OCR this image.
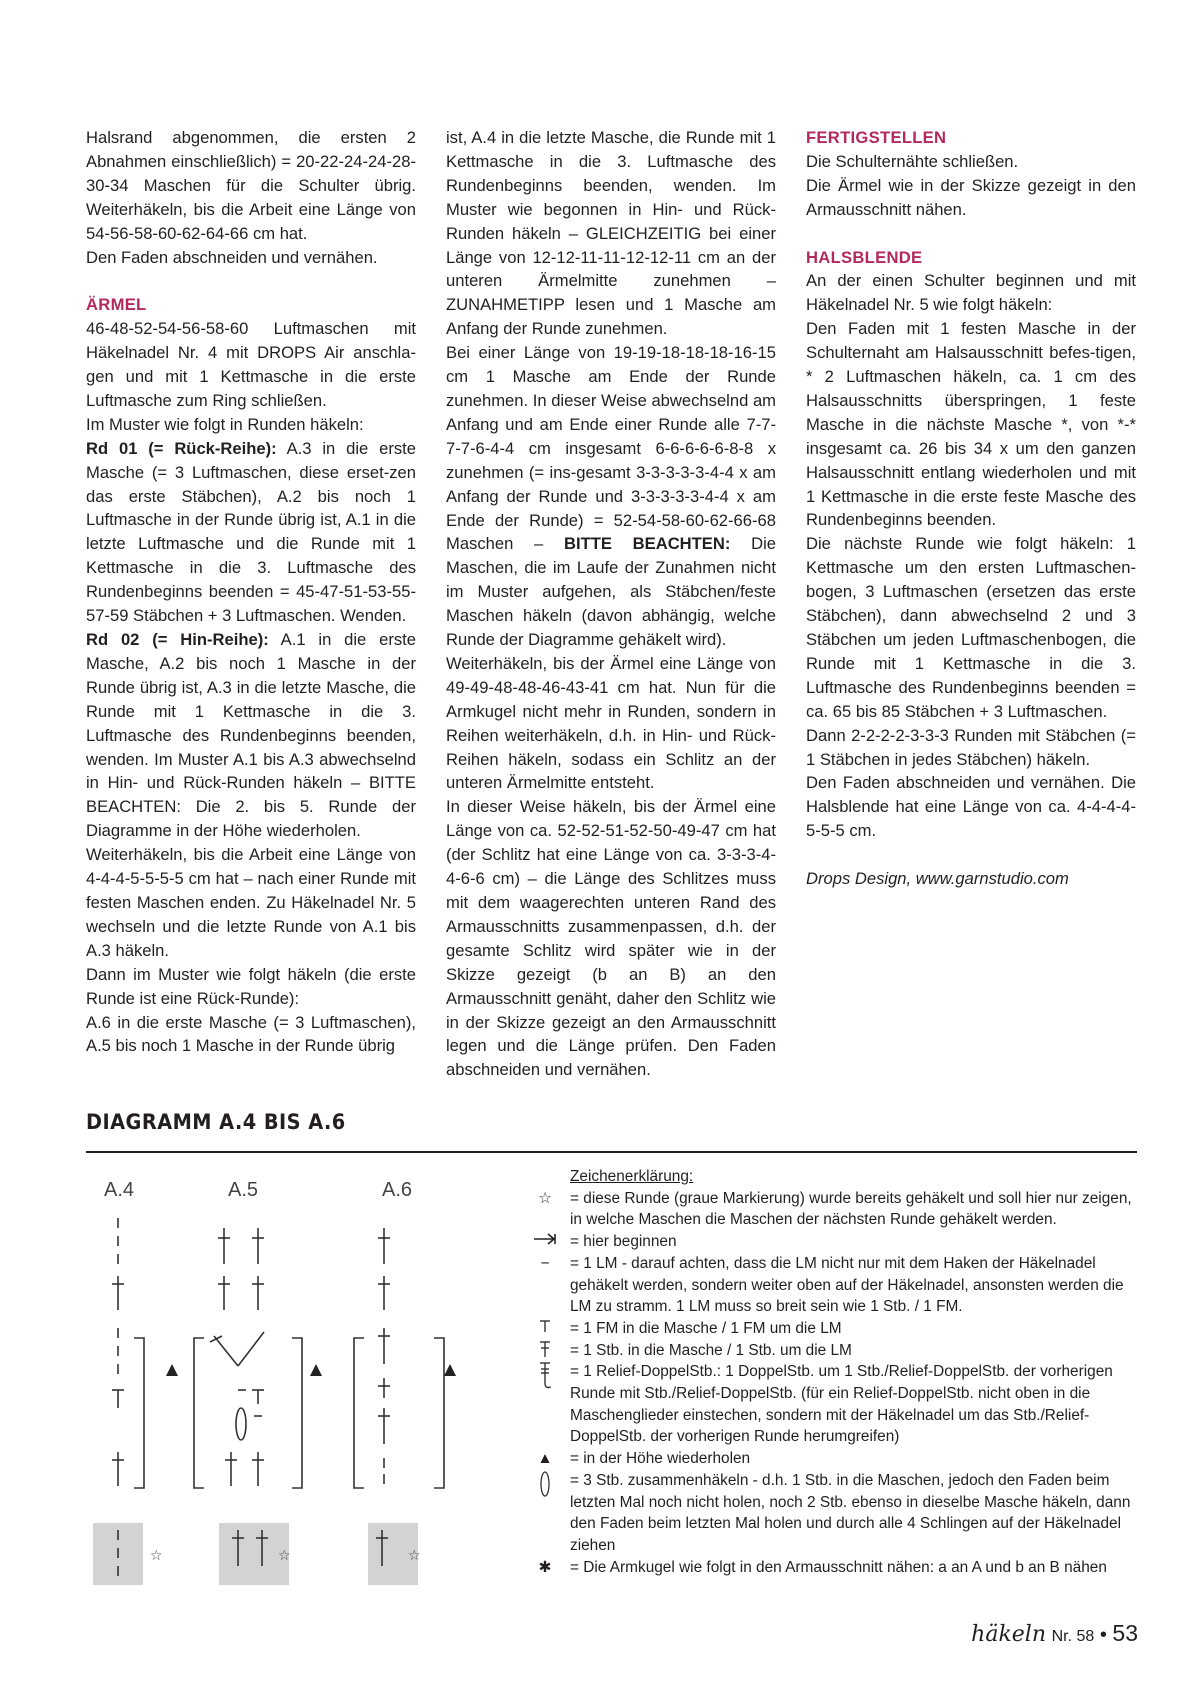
Halsrand abgenommen, die ersten 2 Abnahmen einschließlich) = 20-22-24-24-28-30-34 Maschen für die Schulter übrig. Weiterhäkeln, bis die Arbeit eine Länge von 54-56-58-60-62-64-66 cm hat.

Den Faden abschneiden und vernähen.

ÄRMEL

46-48-52-54-56-58-60 Luftmaschen mit Häkelnadel Nr. 4 mit DROPS Air anschla-gen und mit 1 Kettmasche in die erste Luftmasche zum Ring schließen.

Im Muster wie folgt in Runden häkeln:

Rd 01 (= Rück-Reihe): A.3 in die erste Masche (= 3 Luftmaschen, diese erset-zen das erste Stäbchen), A.2 bis noch 1 Luftmasche in der Runde übrig ist, A.1 in die letzte Luftmasche und die Runde mit 1 Kettmasche in die 3. Luftmasche des Rundenbeginns beenden = 45-47-51-53-55-57-59 Stäbchen + 3 Luftmaschen. Wenden.

Rd 02 (= Hin-Reihe): A.1 in die erste Masche, A.2 bis noch 1 Masche in der Runde übrig ist, A.3 in die letzte Masche, die Runde mit 1 Kettmasche in die 3. Luftmasche des Rundenbeginns beenden, wenden. Im Muster A.1 bis A.3 abwechselnd in Hin- und Rück-Runden häkeln – BITTE BEACHTEN: Die 2. bis 5. Runde der Diagramme in der Höhe wiederholen.

Weiterhäkeln, bis die Arbeit eine Länge von 4-4-4-5-5-5-5 cm hat – nach einer Runde mit festen Maschen enden. Zu Häkelnadel Nr. 5 wechseln und die letzte Runde von A.1 bis A.3 häkeln.

Dann im Muster wie folgt häkeln (die erste Runde ist eine Rück-Runde):

A.6 in die erste Masche (= 3 Luftmaschen), A.5 bis noch 1 Masche in der Runde übrig

ist, A.4 in die letzte Masche, die Runde mit 1 Kettmasche in die 3. Luftmasche des Rundenbeginns beenden, wenden. Im Muster wie begonnen in Hin- und Rück-Runden häkeln – GLEICHZEITIG bei einer Länge von 12-12-11-11-12-12-11 cm an der unteren Ärmelmitte zunehmen – ZUNAHMETIPP lesen und 1 Masche am Anfang der Runde zunehmen.

Bei einer Länge von 19-19-18-18-18-16-15 cm 1 Masche am Ende der Runde zunehmen. In dieser Weise abwechselnd am Anfang und am Ende einer Runde alle 7-7-7-7-6-4-4 cm insgesamt 6-6-6-6-6-8-8 x zunehmen (= ins-gesamt 3-3-3-3-3-4-4 x am Anfang der Runde und 3-3-3-3-3-4-4 x am Ende der Runde) = 52-54-58-60-62-66-68 Maschen – BITTE BEACHTEN: Die Maschen, die im Laufe der Zunahmen nicht im Muster aufgehen, als Stäbchen/feste Maschen häkeln (davon abhängig, welche Runde der Diagramme gehäkelt wird).

Weiterhäkeln, bis der Ärmel eine Länge von 49-49-48-48-46-43-41 cm hat. Nun für die Armkugel nicht mehr in Runden, sondern in Reihen weiterhäkeln, d.h. in Hin- und Rück-Reihen häkeln, sodass ein Schlitz an der unteren Ärmelmitte entsteht.

In dieser Weise häkeln, bis der Ärmel eine Länge von ca. 52-52-51-52-50-49-47 cm hat (der Schlitz hat eine Länge von ca. 3-3-3-4-4-6-6 cm) – die Länge des Schlitzes muss mit dem waagerechten unteren Rand des Armausschnitts zusammenpassen, d.h. der gesamte Schlitz wird später wie in der Skizze gezeigt (b an B) an den Armausschnitt genäht, daher den Schlitz wie in der Skizze gezeigt an den Armausschnitt legen und die Länge prüfen. Den Faden abschneiden und vernähen.

FERTIGSTELLEN

Die Schulternähte schließen.

Die Ärmel wie in der Skizze gezeigt in den Armausschnitt nähen.

HALSBLENDE

An der einen Schulter beginnen und mit Häkelnadel Nr. 5 wie folgt häkeln:

Den Faden mit 1 festen Masche in der Schulternaht am Halsausschnitt befes-tigen, * 2 Luftmaschen häkeln, ca. 1 cm des Halsausschnitts überspringen, 1 feste Masche in die nächste Masche *, von *-* insgesamt ca. 26 bis 34 x um den ganzen Halsausschnitt entlang wiederholen und mit 1 Kettmasche in die erste feste Masche des Rundenbeginns beenden.

Die nächste Runde wie folgt häkeln: 1 Kettmasche um den ersten Luftmaschen-bogen, 3 Luftmaschen (ersetzen das erste Stäbchen), dann abwechselnd 2 und 3 Stäbchen um jeden Luftmaschenbogen, die Runde mit 1 Kettmasche in die 3. Luftmasche des Rundenbeginns beenden = ca. 65 bis 85 Stäbchen + 3 Luftmaschen.

Dann 2-2-2-2-3-3-3 Runden mit Stäbchen (= 1 Stäbchen in jedes Stäbchen) häkeln.

Den Faden abschneiden und vernähen. Die Halsblende hat eine Länge von ca. 4-4-4-4-5-5-5 cm.

Drops Design, www.garnstudio.com

DIAGRAMM A.4 BIS A.6
A.4	A.5	A.6
☆	☆	☆
Zeichenerklärung:
☆	= diese Runde (graue Markierung) wurde bereits gehäkelt und soll hier nur zeigen, in welche Maschen die Maschen der nächsten Runde gehäkelt werden.
= hier beginnen
−	= 1 LM - darauf achten, dass die LM nicht nur mit dem Haken der Häkelnadel gehäkelt werden, sondern weiter oben auf der Häkelnadel, ansonsten werden die LM zu stramm. 1 LM muss so breit sein wie 1 Stb. / 1 FM.
= 1 FM in die Masche / 1 FM um die LM
= 1 Stb. in die Masche / 1 Stb. um die LM
= 1 Relief-DoppelStb.: 1 DoppelStb. um 1 Stb./Relief-DoppelStb. der vorherigen Runde mit Stb./Relief-DoppelStb. (für ein Relief-DoppelStb. nicht oben in die Maschenglieder einstechen, sondern mit der Häkelnadel um das Stb./Relief-DoppelStb. der vorherigen Runde herumgreifen)
▲	= in der Höhe wiederholen
= 3 Stb. zusammenhäkeln - d.h. 1 Stb. in die Maschen, jedoch den Faden beim letzten Mal noch nicht holen, noch 2 Stb. ebenso in dieselbe Masche häkeln, dann den Faden beim letzten Mal holen und durch alle 4 Schlingen auf der Häkelnadel ziehen
✱	= Die Armkugel wie folgt in den Armausschnitt nähen: a an A und b an B nähen
häkeln Nr. 58 • 53
